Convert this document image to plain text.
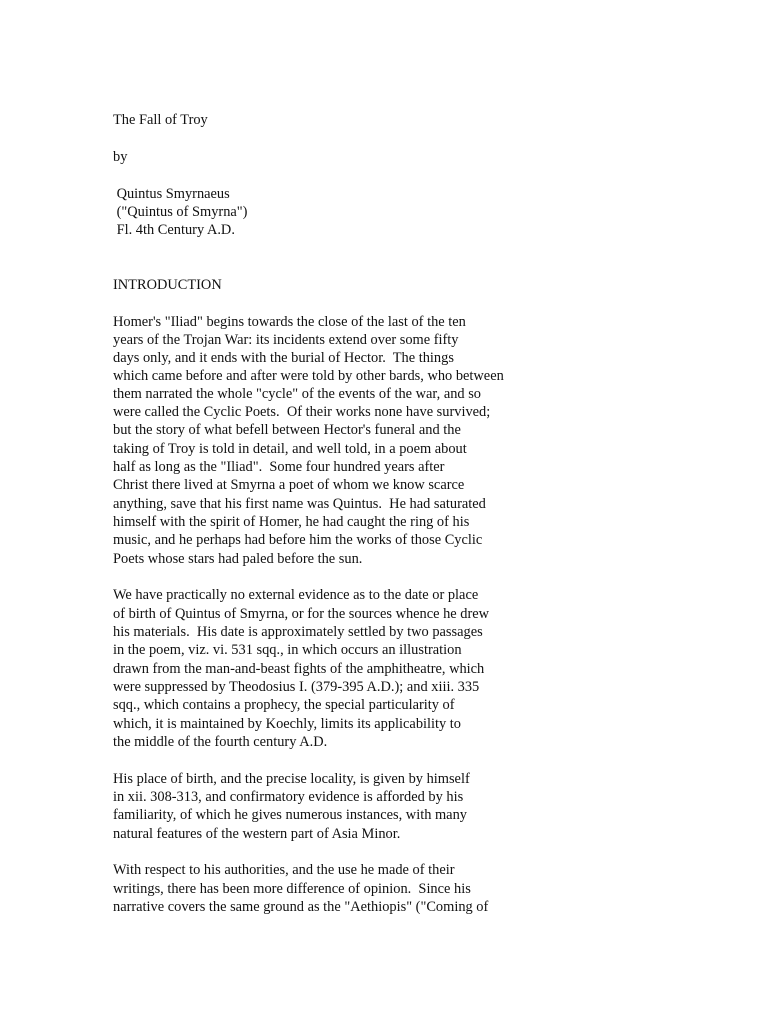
The Fall of Troy

by

Quintus Smyrnaeus

("Quintus of Smyrna")

Fl. 4th Century A.D.

INTRODUCTION

Homer's "Iliad" begins towards the close of the last of the ten

years of the Trojan War: its incidents extend over some fifty

days only, and it ends with the burial of Hector.  The things

which came before and after were told by other bards, who between

them narrated the whole "cycle" of the events of the war, and so

were called the Cyclic Poets.  Of their works none have survived;

but the story of what befell between Hector's funeral and the

taking of Troy is told in detail, and well told, in a poem about

half as long as the "Iliad".  Some four hundred years after

Christ there lived at Smyrna a poet of whom we know scarce

anything, save that his first name was Quintus.  He had saturated

himself with the spirit of Homer, he had caught the ring of his

music, and he perhaps had before him the works of those Cyclic

Poets whose stars had paled before the sun.

We have practically no external evidence as to the date or place

of birth of Quintus of Smyrna, or for the sources whence he drew

his materials.  His date is approximately settled by two passages

in the poem, viz. vi. 531 sqq., in which occurs an illustration

drawn from the man-and-beast fights of the amphitheatre, which

were suppressed by Theodosius I. (379-395 A.D.); and xiii. 335

sqq., which contains a prophecy, the special particularity of

which, it is maintained by Koechly, limits its applicability to

the middle of the fourth century A.D.

His place of birth, and the precise locality, is given by himself

in xii. 308-313, and confirmatory evidence is afforded by his

familiarity, of which he gives numerous instances, with many

natural features of the western part of Asia Minor.

With respect to his authorities, and the use he made of their

writings, there has been more difference of opinion.  Since his

narrative covers the same ground as the "Aethiopis" ("Coming of
